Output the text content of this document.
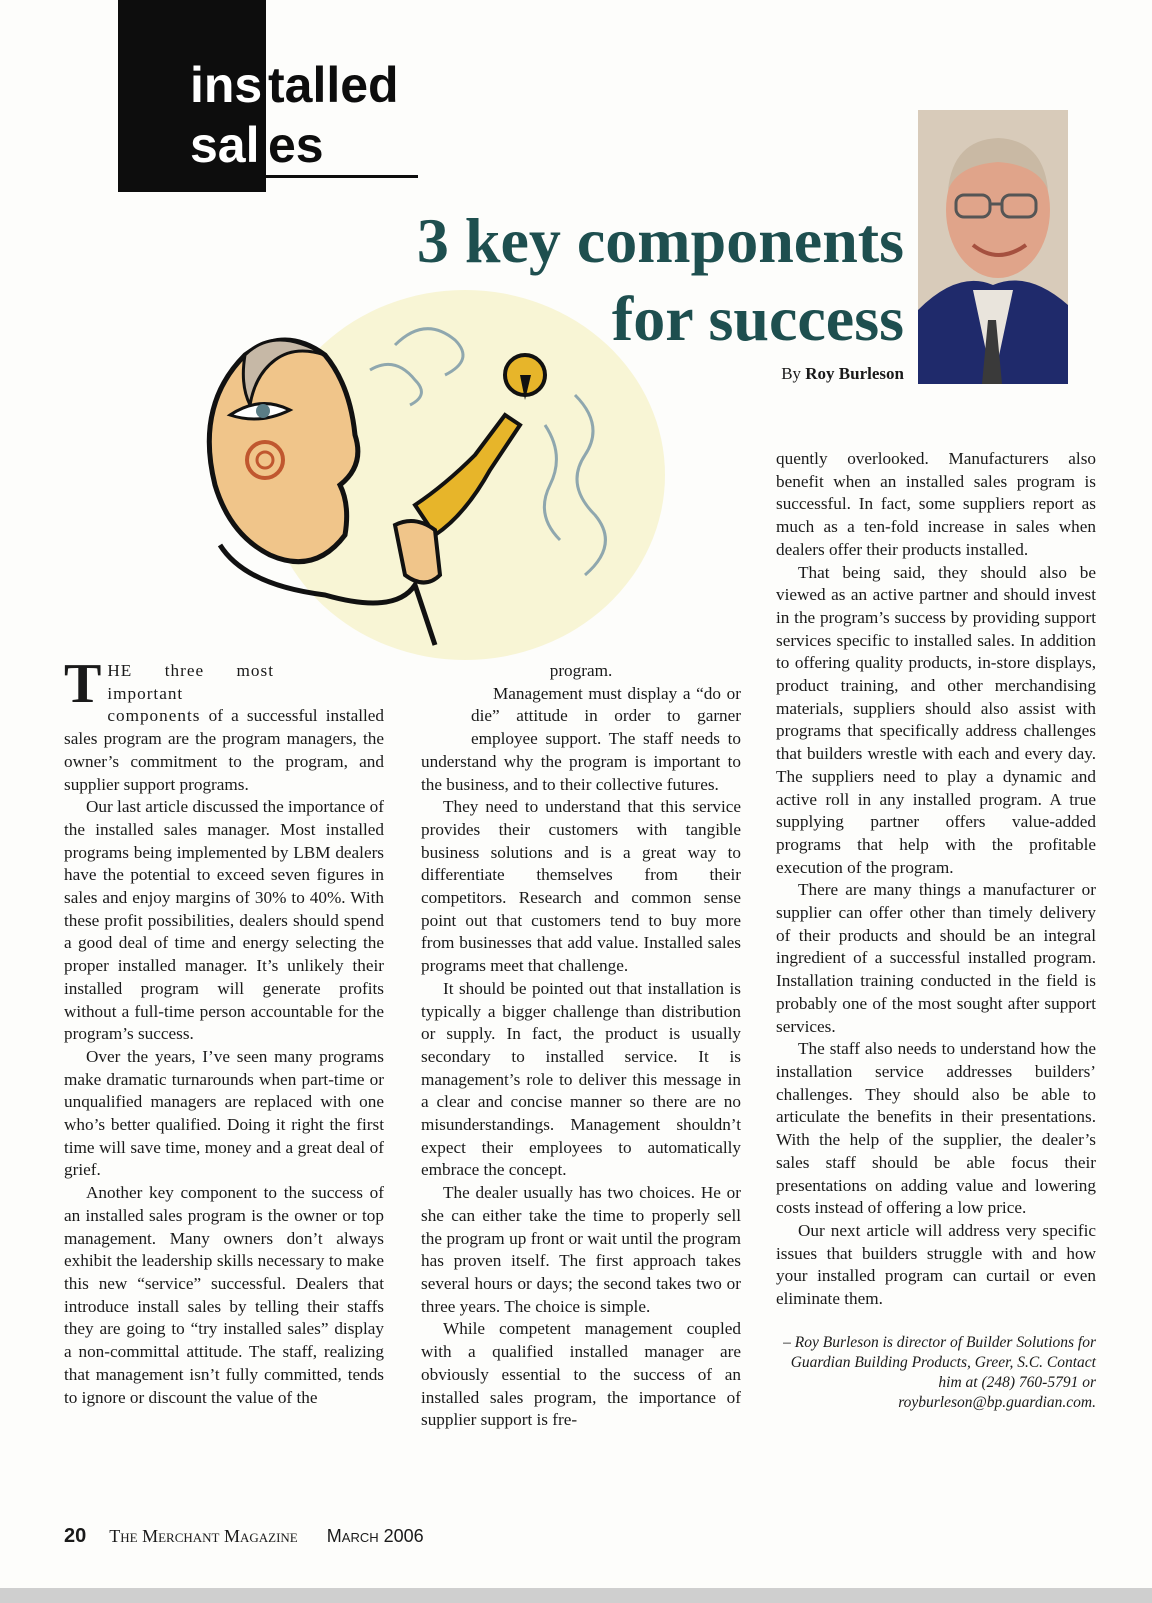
ins talled
sal es
3 key components
for success
By Roy Burleson

THE three most important components of a successful installed sales program are the program managers, the owner’s commitment to the program, and supplier support programs.

Our last article discussed the importance of the installed sales manager. Most installed programs being implemented by LBM dealers have the potential to exceed seven figures in sales and enjoy margins of 30% to 40%. With these profit possibilities, dealers should spend a good deal of time and energy selecting the proper installed manager. It’s unlikely their installed program will generate profits without a full-time person accountable for the program’s success.

Over the years, I’ve seen many programs make dramatic turnarounds when part-time or unqualified managers are replaced with one who’s better qualified. Doing it right the first time will save time, money and a great deal of grief.

Another key component to the success of an installed sales program is the owner or top management. Many owners don’t always exhibit the leadership skills necessary to make this new “service” successful. Dealers that introduce install sales by telling their staffs they are going to “try installed sales” display a non-committal attitude. The staff, realizing that management isn’t fully committed, tends to ignore or discount the value of the

program.

Management must display a “do or die” attitude in order to garner employee support. The staff needs to understand why the program is important to the business, and to their collective futures.

They need to understand that this service provides their customers with tangible business solutions and is a great way to differentiate themselves from their competitors. Research and common sense point out that customers tend to buy more from businesses that add value. Installed sales programs meet that challenge.

It should be pointed out that installation is typically a bigger challenge than distribution or supply. In fact, the product is usually secondary to installed service. It is management’s role to deliver this message in a clear and concise manner so there are no misunderstandings. Management shouldn’t expect their employees to automatically embrace the concept.

The dealer usually has two choices. He or she can either take the time to properly sell the program up front or wait until the program has proven itself. The first approach takes several hours or days; the second takes two or three years. The choice is simple.

While competent management coupled with a qualified installed manager are obviously essential to the success of an installed sales program, the importance of supplier support is fre-

quently overlooked. Manufacturers also benefit when an installed sales program is successful. In fact, some suppliers report as much as a ten-fold increase in sales when dealers offer their products installed.

That being said, they should also be viewed as an active partner and should invest in the program’s success by providing support services specific to installed sales. In addition to offering quality products, in-store displays, product training, and other merchandising materials, suppliers should also assist with programs that specifically address challenges that builders wrestle with each and every day. The suppliers need to play a dynamic and active roll in any installed program. A true supplying partner offers value-added programs that help with the profitable execution of the program.

There are many things a manufacturer or supplier can offer other than timely delivery of their products and should be an integral ingredient of a successful installed program. Installation training conducted in the field is probably one of the most sought after support services.

The staff also needs to understand how the installation service addresses builders’ challenges. They should also be able to articulate the benefits in their presentations. With the help of the supplier, the dealer’s sales staff should be able focus their presentations on adding value and lowering costs instead of offering a low price.

Our next article will address very specific issues that builders struggle with and how your installed program can curtail or even eliminate them.

– Roy Burleson is director of Builder Solutions for Guardian Building Products, Greer, S.C. Contact him at (248) 760-5791 or royburleson@bp.guardian.com.
20 The Merchant Magazine March 2006
